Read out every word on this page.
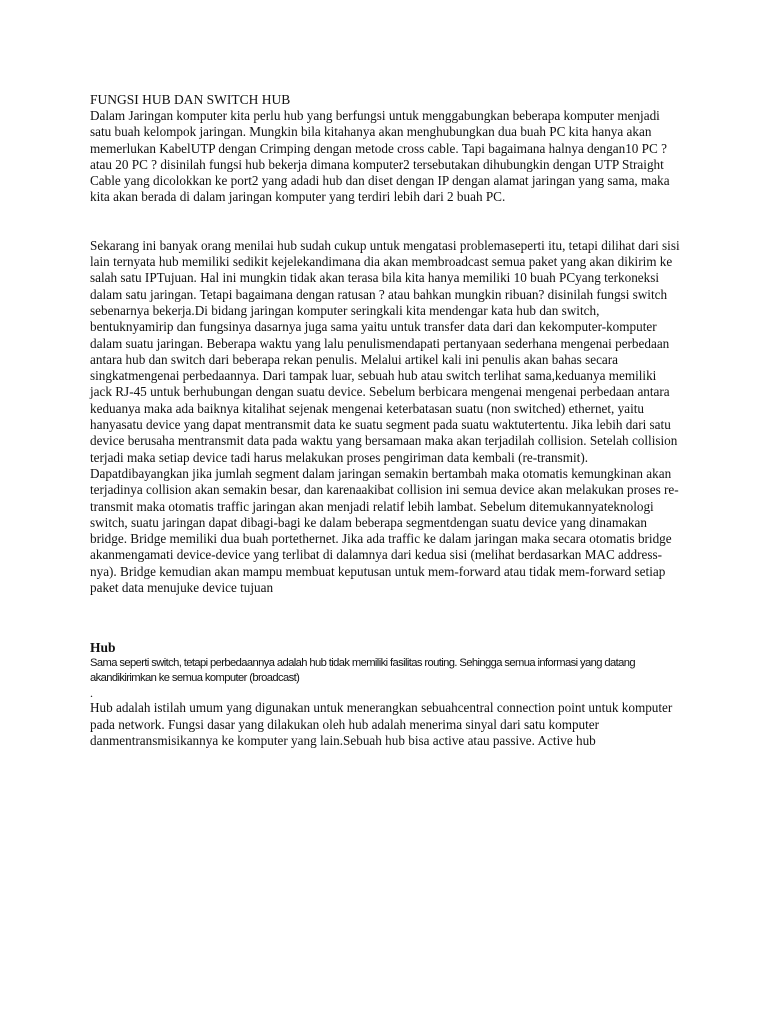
FUNGSI HUB DAN SWITCH HUB

Dalam Jaringan komputer kita perlu hub yang berfungsi untuk menggabungkan beberapa komputer menjadi satu buah kelompok jaringan. Mungkin bila kitahanya akan menghubungkan dua buah PC kita hanya akan memerlukan KabelUTP dengan Crimping dengan metode cross cable. Tapi bagaimana halnya dengan10 PC ? atau 20 PC ? disinilah fungsi hub bekerja dimana komputer2 tersebutakan dihubungkin dengan UTP Straight Cable yang dicolokkan ke port2 yang adadi hub dan diset dengan IP dengan alamat jaringan yang sama, maka kita akan berada di dalam jaringan komputer yang terdiri lebih dari 2 buah PC.

Sekarang ini banyak orang menilai hub sudah cukup untuk mengatasi problemaseperti itu, tetapi dilihat dari sisi lain ternyata hub memiliki sedikit kejelekandimana dia akan membroadcast semua paket yang akan dikirim ke salah satu IPTujuan. Hal ini mungkin tidak akan terasa bila kita hanya memiliki 10 buah PCyang terkoneksi dalam satu jaringan. Tetapi bagaimana dengan ratusan ? atau bahkan mungkin ribuan? disinilah fungsi switch sebenarnya bekerja.Di bidang jaringan komputer seringkali kita mendengar kata hub dan switch, bentuknyamirip dan fungsinya dasarnya juga sama yaitu untuk transfer data dari dan kekomputer-komputer dalam suatu jaringan. Beberapa waktu yang lalu penulismendapati pertanyaan sederhana mengenai perbedaan antara hub dan switch dari beberapa rekan penulis. Melalui artikel kali ini penulis akan bahas secara singkatmengenai perbedaannya. Dari tampak luar, sebuah hub atau switch terlihat sama,keduanya memiliki jack RJ-45 untuk berhubungan dengan suatu device. Sebelum berbicara mengenai mengenai perbedaan antara keduanya maka ada baiknya kitalihat sejenak mengenai keterbatasan suatu (non switched) ethernet, yaitu hanyasatu device yang dapat mentransmit data ke suatu segment pada suatu waktutertentu. Jika lebih dari satu device berusaha mentransmit data pada waktu yang bersamaan maka akan terjadilah collision. Setelah collision terjadi maka setiap device tadi harus melakukan proses pengiriman data kembali (re-transmit). Dapatdibayangkan jika jumlah segment dalam jaringan semakin bertambah maka otomatis kemungkinan akan terjadinya collision akan semakin besar, dan karenaakibat collision ini semua device akan melakukan proses re-transmit maka otomatis traffic jaringan akan menjadi relatif lebih lambat. Sebelum ditemukannyateknologi switch, suatu jaringan dapat dibagi-bagi ke dalam beberapa segmentdengan suatu device yang dinamakan bridge. Bridge memiliki dua buah portethernet. Jika ada traffic ke dalam jaringan maka secara otomatis bridge akanmengamati device-device yang terlibat di dalamnya dari kedua sisi (melihat berdasarkan MAC address-nya). Bridge kemudian akan mampu membuat keputusan untuk mem-forward atau tidak mem-forward setiap paket data menujuke device tujuan

Hub

Sama seperti switch, tetapi perbedaannya adalah hub tidak memiliki fasilitas routing. Sehingga semua informasi yang datang akandikirimkan ke semua komputer (broadcast)

.

Hub adalah istilah umum yang digunakan untuk menerangkan sebuahcentral connection point untuk komputer pada network. Fungsi dasar yang dilakukan oleh hub adalah menerima sinyal dari satu komputer danmentransmisikannya ke komputer yang lain.Sebuah hub bisa active atau passive. Active hub
